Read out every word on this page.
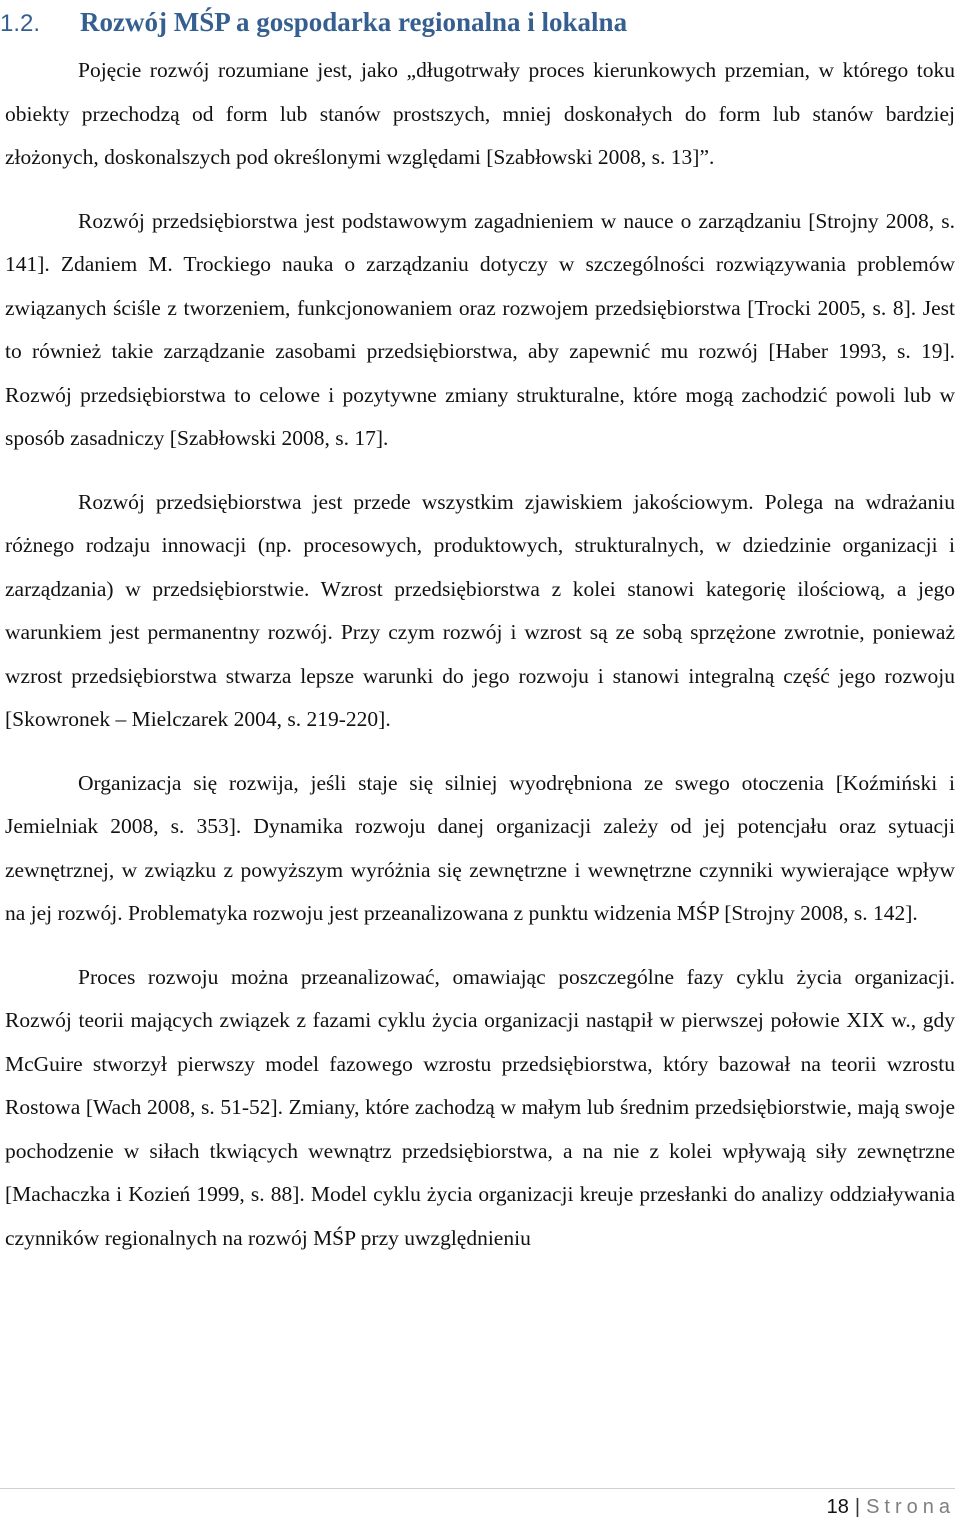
1.2. Rozwój MŚP a gospodarka regionalna i lokalna

Pojęcie rozwój rozumiane jest, jako „długotrwały proces kierunkowych przemian, w którego toku obiekty przechodzą od form lub stanów prostszych, mniej doskonałych do form lub stanów bardziej złożonych, doskonalszych pod określonymi względami [Szabłowski 2008, s. 13]”.

Rozwój przedsiębiorstwa jest podstawowym zagadnieniem w nauce o zarządzaniu [Strojny 2008, s. 141]. Zdaniem M. Trockiego nauka o zarządzaniu dotyczy w szczególności rozwiązywania problemów związanych ściśle z tworzeniem, funkcjonowaniem oraz rozwojem przedsiębiorstwa [Trocki 2005, s. 8]. Jest to również takie zarządzanie zasobami przedsiębiorstwa, aby zapewnić mu rozwój [Haber 1993, s. 19]. Rozwój przedsiębiorstwa to celowe i pozytywne zmiany strukturalne, które mogą zachodzić powoli lub w sposób zasadniczy [Szabłowski 2008, s. 17].

Rozwój przedsiębiorstwa jest przede wszystkim zjawiskiem jakościowym. Polega na wdrażaniu różnego rodzaju innowacji (np. procesowych, produktowych, strukturalnych, w dziedzinie organizacji i zarządzania) w przedsiębiorstwie. Wzrost przedsiębiorstwa z kolei stanowi kategorię ilościową, a jego warunkiem jest permanentny rozwój. Przy czym rozwój i wzrost są ze sobą sprzężone zwrotnie, ponieważ wzrost przedsiębiorstwa stwarza lepsze warunki do jego rozwoju i stanowi integralną część jego rozwoju [Skowronek – Mielczarek 2004, s. 219-220].

Organizacja się rozwija, jeśli staje się silniej wyodrębniona ze swego otoczenia [Koźmiński i Jemielniak 2008, s. 353]. Dynamika rozwoju danej organizacji zależy od jej potencjału oraz sytuacji zewnętrznej, w związku z powyższym wyróżnia się zewnętrzne i wewnętrzne czynniki wywierające wpływ na jej rozwój. Problematyka rozwoju jest przeanalizowana z punktu widzenia MŚP [Strojny 2008, s. 142].

Proces rozwoju można przeanalizować, omawiając poszczególne fazy cyklu życia organizacji. Rozwój teorii mających związek z fazami cyklu życia organizacji nastąpił w pierwszej połowie XIX w., gdy McGuire stworzył pierwszy model fazowego wzrostu przedsiębiorstwa, który bazował na teorii wzrostu Rostowa [Wach 2008, s. 51-52]. Zmiany, które zachodzą w małym lub średnim przedsiębiorstwie, mają swoje pochodzenie w siłach tkwiących wewnątrz przedsiębiorstwa, a na nie z kolei wpływają siły zewnętrzne [Machaczka i Kozień 1999, s. 88]. Model cyklu życia organizacji kreuje przesłanki do analizy oddziaływania czynników regionalnych na rozwój MŚP przy uwzględnieniu

18 | Strona
